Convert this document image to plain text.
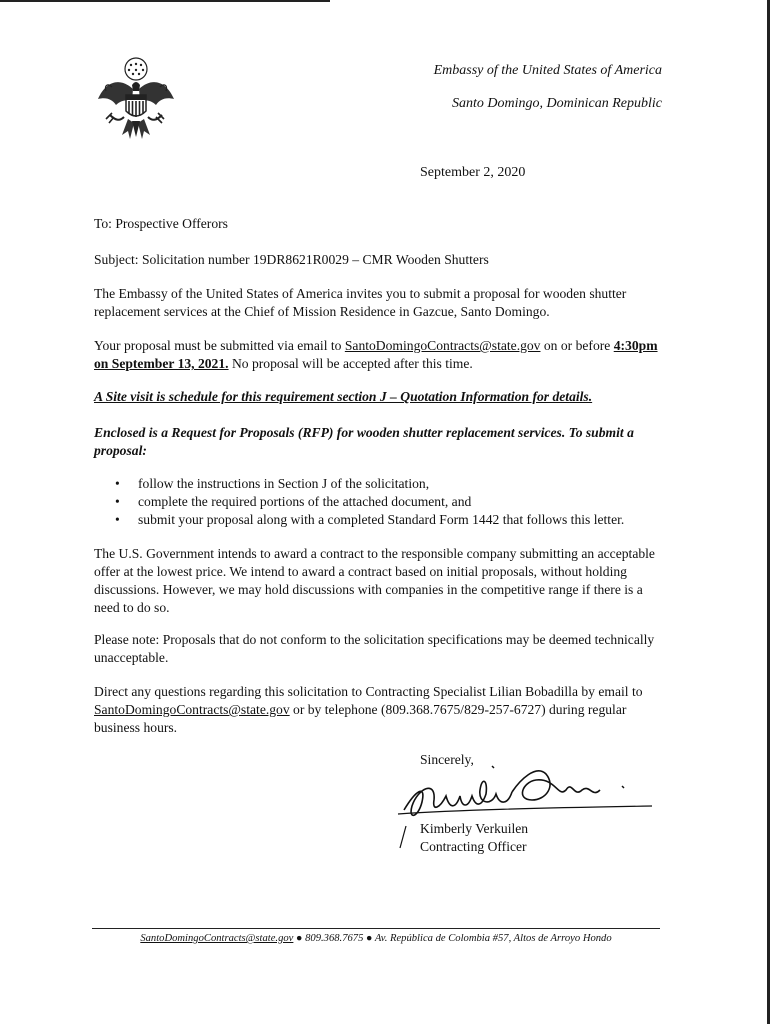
Embassy of the United States of America
Santo Domingo, Dominican Republic
September 2, 2020
To: Prospective Offerors
Subject: Solicitation number 19DR8621R0029 – CMR Wooden Shutters
The Embassy of the United States of America invites you to submit a proposal for wooden shutter replacement services at the Chief of Mission Residence in Gazcue, Santo Domingo.
Your proposal must be submitted via email to SantoDomingoContracts@state.gov on or before 4:30pm on September 13, 2021. No proposal will be accepted after this time.
A Site visit is schedule for this requirement section J – Quotation Information for details.
Enclosed is a Request for Proposals (RFP) for wooden shutter replacement services. To submit a proposal:
• follow the instructions in Section J of the solicitation,
• complete the required portions of the attached document, and
• submit your proposal along with a completed Standard Form 1442 that follows this letter.
The U.S. Government intends to award a contract to the responsible company submitting an acceptable offer at the lowest price. We intend to award a contract based on initial proposals, without holding discussions. However, we may hold discussions with companies in the competitive range if there is a need to do so.
Please note: Proposals that do not conform to the solicitation specifications may be deemed technically unacceptable.
Direct any questions regarding this solicitation to Contracting Specialist Lilian Bobadilla by email to SantoDomingoContracts@state.gov or by telephone (809.368.7675/829-257-6727) during regular business hours.
Sincerely,
Kimberly Verkuilen
Contracting Officer
SantoDomingoContracts@state.gov ● 809.368.7675 ● Av. República de Colombia #57, Altos de Arroyo Hondo
